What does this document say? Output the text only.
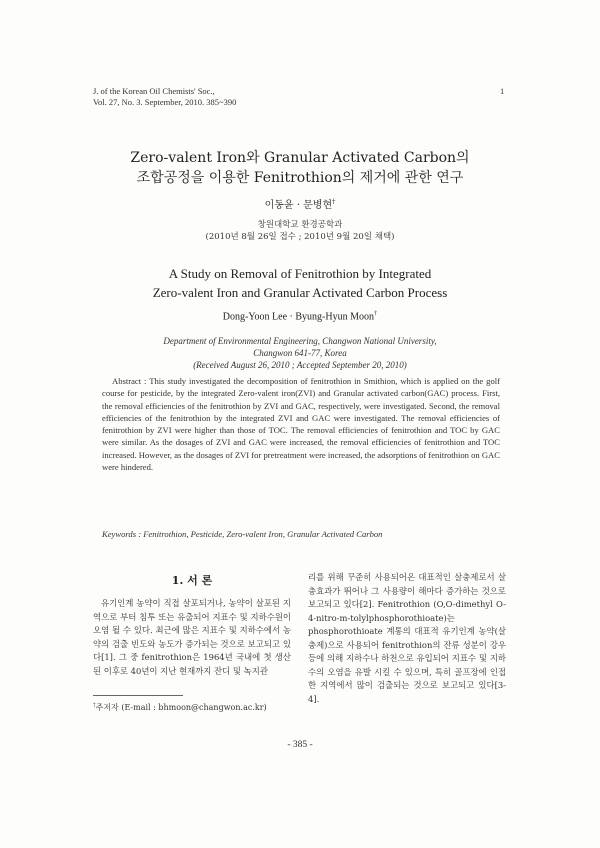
J. of the Korean Oil Chemists' Soc.,
Vol. 27, No. 3. September, 2010. 385~390
1
Zero-valent Iron와 Granular Activated Carbon의
조합공정을 이용한 Fenitrothion의 제거에 관한 연구
이동윤 · 문병현†
창원대학교 환경공학과
(2010년 8월 26일 접수 ; 2010년 9월 20일 채택)
A Study on Removal of Fenitrothion by Integrated
Zero-valent Iron and Granular Activated Carbon Process
Dong-Yoon Lee · Byung-Hyun Moon†
Department of Environmental Engineering, Changwon National University,
Changwon 641-77, Korea
(Received August 26, 2010 ; Accepted September 20, 2010)
Abstract : This study investigated the decomposition of fenitrothion in Smithion, which is applied on the golf course for pesticide, by the integrated Zero-valent iron(ZVI) and Granular activated carbon(GAC) process. First, the removal efficiencies of the fenitrothion by ZVI and GAC, respectively, were investigated. Second, the removal efficiencies of the fenitrothion by the integrated ZVI and GAC were investigated. The removal efficiencies of fenitrothion by ZVI were higher than those of TOC. The removal efficiencies of fenitrothion and TOC by GAC were similar. As the dosages of ZVI and GAC were increased, the removal efficiencies of fenitrothion and TOC increased. However, as the dosages of ZVI for pretreatment were increased, the adsorptions of fenitrothion on GAC were hindered.
Keywords : Fenitrothion, Pesticide, Zero-valent Iron, Granular Activated Carbon
1. 서 론
유기인계 농약이 직접 살포되거나, 농약이 살포된 지역으로 부터 침투 또는 유출되어 지표수 및 지하수원이 오염 될 수 있다. 최근에 많은 지표수 및 지하수에서 농약의 검출 빈도와 농도가 증가되는 것으로 보고되고 있다[1]. 그 중 fenitrothion은 1964년 국내에 첫 생산된 이후로 40년이 지난 현재까지 잔디 및 녹지관
리를 위해 꾸준히 사용되어온 대표적인 살충제로서 살충효과가 뛰어나 그 사용량이 해마다 증가하는 것으로 보고되고 있다[2]. Fenitrothion (O,O-dimethyl O-4-nitro-m-tolylphosphorothioate)는 phosphorothioate 계통의 대표적 유기인계 농약(살충제)으로 사용되어 fenitrothion의 잔류 성분이 강우 등에 의해 지하수나 하천으로 유입되어 지표수 및 지하수의 오염을 유발 시킬 수 있으며, 특히 골프장에 인접한 지역에서 많이 검출되는 것으로 보고되고 있다[3-4].
†주저자 (E-mail : bhmoon@changwon.ac.kr)
- 385 -
